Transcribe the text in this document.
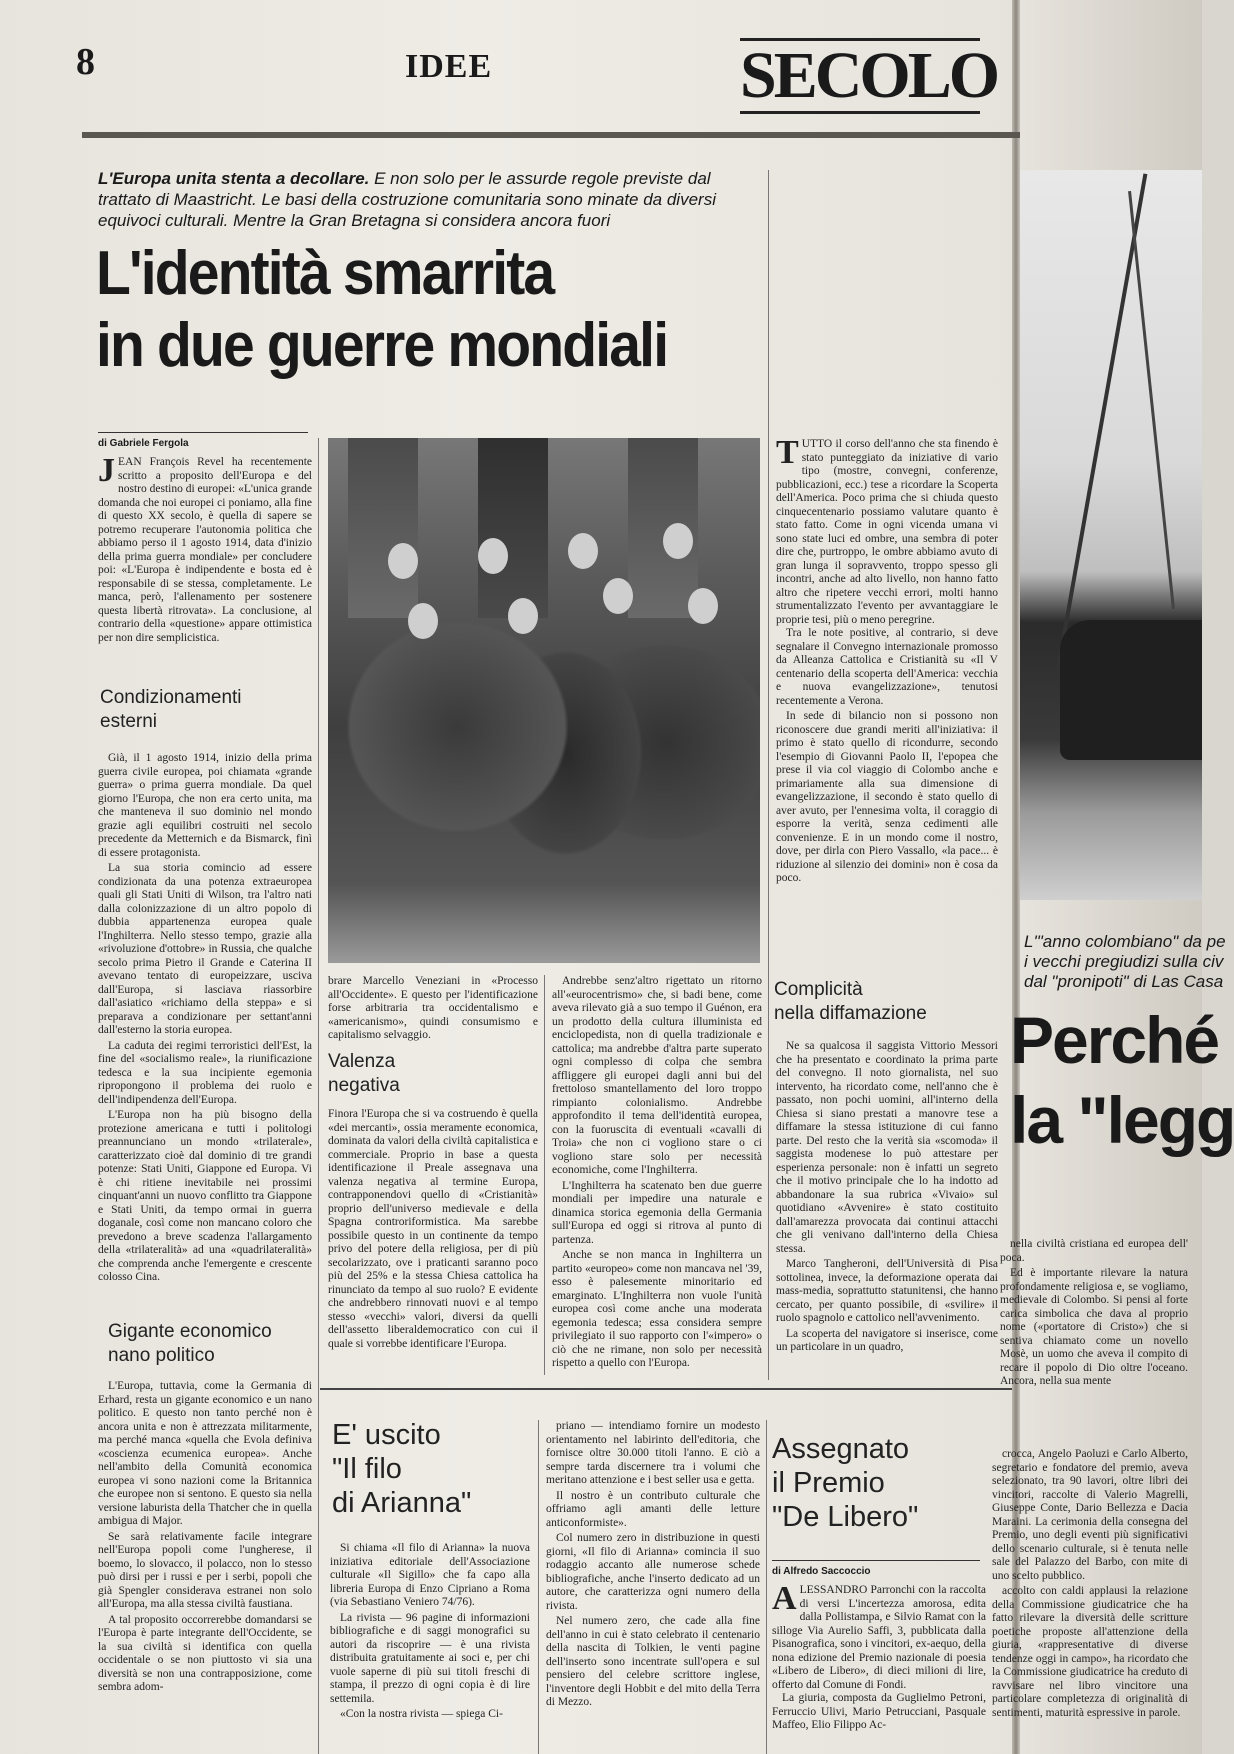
8	IDEE	SECOLO
L'Europa unita stenta a decollare. E non solo per le assurde regole previste dal trattato di Maastricht. Le basi della costruzione comunitaria sono minate da diversi equivoci culturali. Mentre la Gran Bretagna si considera ancora fuori
L'identità smarrita
in due guerre mondiali
di Gabriele Fergola
JEAN François Revel ha recentemente scritto a proposito dell'Europa e del nostro destino di europei: «L'unica grande domanda che noi europei ci poniamo, alla fine di questo XX secolo, è quella di sapere se potremo recuperare l'autonomia politica che abbiamo perso il 1 agosto 1914, data d'inizio della prima guerra mondiale» per concludere poi: «L'Europa è indipendente e bosta ed è responsabile di se stessa, completamente. Le manca, però, l'allenamento per sostenere questa libertà ritrovata». La conclusione, al contrario della «questione» appare ottimistica per non dire semplicistica.
Condizionamenti
esterni

Già, il 1 agosto 1914, inizio della prima guerra civile europea, poi chiamata «grande guerra» o prima guerra mondiale. Da quel giorno l'Europa, che non era certo unita, ma che manteneva il suo dominio nel mondo grazie agli equilibri costruiti nel secolo precedente da Metternich e da Bismarck, finì di essere protagonista.

La sua storia comincio ad essere condizionata da una potenza extraeuropea quali gli Stati Uniti di Wilson, tra l'altro nati dalla colonizzazione di un altro popolo di dubbia appartenenza europea quale l'Inghilterra. Nello stesso tempo, grazie alla «rivoluzione d'ottobre» in Russia, che qualche secolo prima Pietro il Grande e Caterina II avevano tentato di europeizzare, usciva dall'Europa, si lasciava riassorbire dall'asiatico «richiamo della steppa» e si preparava a condizionare per settant'anni dall'esterno la storia europea.

La caduta dei regimi terroristici dell'Est, la fine del «socialismo reale», la riunificazione tedesca e la sua incipiente egemonia ripropongono il problema dei ruolo e dell'indipendenza dell'Europa.

L'Europa non ha più bisogno della protezione americana e tutti i politologi preannunciano un mondo «trilaterale», caratterizzato cioè dal dominio di tre grandi potenze: Stati Uniti, Giappone ed Europa. Vi è chi ritiene inevitabile nei prossimi cinquant'anni un nuovo conflitto tra Giappone e Stati Uniti, da tempo ormai in guerra doganale, così come non mancano coloro che prevedono a breve scadenza l'allargamento della «trilateralità» ad una «quadrilateralità» che comprenda anche l'emergente e crescente colosso Cina.

Gigante economico
nano politico

L'Europa, tuttavia, come la Germania di Erhard, resta un gigante economico e un nano politico. E questo non tanto perché non è ancora unita e non è attrezzata militarmente, ma perché manca «quella che Evola definiva «coscienza ecumenica europea». Anche nell'ambito della Comunità economica europea vi sono nazioni come la Britannica che europee non si sentono. E questo sia nella versione laburista della Thatcher che in quella ambigua di Major.

Se sarà relativamente facile integrare nell'Europa popoli come l'ungherese, il boemo, lo slovacco, il polacco, non lo stesso può dirsi per i russi e per i serbi, popoli che già Spengler considerava estranei non solo all'Europa, ma alla stessa civiltà faustiana.

A tal proposito occorrerebbe domandarsi se l'Europa è parte integrante dell'Occidente, se la sua civiltà si identifica con quella occidentale o se non piuttosto vi sia una diversità se non una contrapposizione, come sembra adom-

brare Marcello Veneziani in «Processo all'Occidente». E questo per l'identificazione forse arbitraria tra occidentalismo e «americanismo», quindi consumismo e capitalismo selvaggio.
Valenza
negativa
Finora l'Europa che si va costruendo è quella «dei mercanti», ossia meramente economica, dominata da valori della civiltà capitalistica e commerciale. Proprio in base a questa identificazione il Preale assegnava una valenza negativa al termine Europa, contrapponendovi quello di «Cristianità» proprio dell'universo medievale e della Spagna controriformistica. Ma sarebbe possibile questo in un continente da tempo privo del potere della religiosa, per di più secolarizzato, ove i praticanti saranno poco più del 25% e la stessa Chiesa cattolica ha rinunciato da tempo al suo ruolo? E evidente che andrebbero rinnovati nuovi e al tempo stesso «vecchi» valori, diversi da quelli dell'assetto liberaldemocratico con cui il quale si vorrebbe identificare l'Europa.

Andrebbe senz'altro rigettato un ritorno all'«eurocentrismo» che, si badi bene, come aveva rilevato già a suo tempo il Guénon, era un prodotto della cultura illuminista ed enciclopedista, non di quella tradizionale e cattolica; ma andrebbe d'altra parte superato ogni complesso di colpa che sembra affliggere gli europei dagli anni bui del frettoloso smantellamento del loro troppo rimpianto colonialismo. Andrebbe approfondito il tema dell'identità europea, con la fuoruscita di eventuali «cavalli di Troia» che non ci vogliono stare o ci vogliono stare solo per necessità economiche, come l'Inghilterra.

L'Inghilterra ha scatenato ben due guerre mondiali per impedire una naturale e dinamica storica egemonia della Germania sull'Europa ed oggi si ritrova al punto di partenza.

Anche se non manca in Inghilterra un partito «europeo» come non mancava nel '39, esso è palesemente minoritario ed emarginato. L'Inghilterra non vuole l'unità europea così come anche una moderata egemonia tedesca; essa considera sempre privilegiato il suo rapporto con l'«impero» o ciò che ne rimane, non solo per necessità rispetto a quello con l'Europa.

TUTTO il corso dell'anno che sta finendo è stato punteggiato da iniziative di vario tipo (mostre, convegni, conferenze, pubblicazioni, ecc.) tese a ricordare la Scoperta dell'America. Poco prima che si chiuda questo cinquecentenario possiamo valutare quanto è stato fatto. Come in ogni vicenda umana vi sono state luci ed ombre, una sembra di poter dire che, purtroppo, le ombre abbiamo avuto di gran lunga il sopravvento, troppo spesso gli incontri, anche ad alto livello, non hanno fatto altro che ripetere vecchi errori, molti hanno strumentalizzato l'evento per avvantaggiare le proprie tesi, più o meno peregrine.

Tra le note positive, al contrario, si deve segnalare il Convegno internazionale promosso da Alleanza Cattolica e Cristianità su «Il V centenario della scoperta dell'America: vecchia e nuova evangelizzazione», tenutosi recentemente a Verona.

In sede di bilancio non si possono non riconoscere due grandi meriti all'iniziativa: il primo è stato quello di ricondurre, secondo l'esempio di Giovanni Paolo II, l'epopea che prese il via col viaggio di Colombo anche e primariamente alla sua dimensione di evangelizzazione, il secondo è stato quello di aver avuto, per l'ennesima volta, il coraggio di esporre la verità, senza cedimenti alle convenienze. E in un mondo come il nostro, dove, per dirla con Piero Vassallo, «la pace... è riduzione al silenzio dei domini» non è cosa da poco.

Complicità
nella diffamazione

Ne sa qualcosa il saggista Vittorio Messori che ha presentato e coordinato la prima parte del convegno. Il noto giornalista, nel suo intervento, ha ricordato come, nell'anno che è passato, non pochi uomini, all'interno della Chiesa si siano prestati a manovre tese a diffamare la stessa istituzione di cui fanno parte. Del resto che la verità sia «scomoda» il saggista modenese lo può attestare per esperienza personale: non è infatti un segreto che il motivo principale che lo ha indotto ad abbandonare la sua rubrica «Vivaio» sul quotidiano «Avvenire» è stato costituito dall'amarezza provocata dai continui attacchi che gli venivano dall'interno della Chiesa stessa.

Marco Tangheroni, dell'Università di Pisa sottolinea, invece, la deformazione operata dai mass-media, soprattutto statunitensi, che hanno cercato, per quanto possibile, di «svilire» il ruolo spagnolo e cattolico nell'avvenimento.

La scoperta del navigatore si inserisce, come un particolare in un quadro,

L'"anno colombiano" da pe
i vecchi pregiudizi sulla civ
dal "pronipoti" di Las Casa
Perché
la "legg

nella civiltà cristiana ed europea dell' poca.

Ed è importante rilevare la natura profondamente religiosa e, se vogliamo, medievale di Colombo. Si pensi al forte carica simbolica che dava al proprio nome («portatore di Cristo») che si sentiva chiamato come un novello Mosè, un uomo che aveva il compito di recare il popolo di Dio oltre l'oceano. Ancora, nella sua mente

crocca, Angelo Paoluzi e Carlo Alberto, segretario e fondatore del premio, aveva selezionato, tra 90 lavori, oltre libri dei vincitori, raccolte di Valerio Magrelli, Giuseppe Conte, Dario Bellezza e Dacia Maraini. La cerimonia della consegna del Premio, uno degli eventi più significativi dello scenario culturale, si è tenuta nelle sale del Palazzo del Barbo, con mite di uno scelto pubblico.

accolto con caldi applausi la relazione della Commissione giudicatrice che ha fatto rilevare la diversità delle scritture poetiche proposte all'attenzione della giuria, «rappresentative di diverse tendenze oggi in campo», ha ricordato che la Commissione giudicatrice ha creduto di ravvisare nel libro vincitore una particolare completezza di originalità di sentimenti, maturità espressive in parole.

E' uscito
"Il filo
di Arianna"

Si chiama «Il filo di Arianna» la nuova iniziativa editoriale dell'Associazione culturale «Il Sigillo» che fa capo alla libreria Europa di Enzo Cipriano a Roma (via Sebastiano Veniero 74/76).

La rivista — 96 pagine di informazioni bibliografiche e di saggi monografici su autori da riscoprire — è una rivista distribuita gratuitamente ai soci e, per chi vuole saperne di più sui titoli freschi di stampa, il prezzo di ogni copia è di lire settemila.

«Con la nostra rivista — spiega Ci-

priano — intendiamo fornire un modesto orientamento nel labirinto dell'editoria, che fornisce oltre 30.000 titoli l'anno. E ciò a sempre tarda discernere tra i volumi che meritano attenzione e i best seller usa e getta.

Il nostro è un contributo culturale che offriamo agli amanti delle letture anticonformiste».

Col numero zero in distribuzione in questi giorni, «Il filo di Arianna» comincia il suo rodaggio accanto alle numerose schede bibliografiche, anche l'inserto dedicato ad un autore, che caratterizza ogni numero della rivista.

Nel numero zero, che cade alla fine dell'anno in cui è stato celebrato il centenario della nascita di Tolkien, le venti pagine dell'inserto sono incentrate sull'opera e sul pensiero del celebre scrittore inglese, l'inventore degli Hobbit e del mito della Terra di Mezzo.

Assegnato
il Premio
"De Libero"
di Alfredo Saccoccio
ALESSANDRO Parronchi con la raccolta di versi L'incertezza amorosa, edita dalla Pollistampa, e Silvio Ramat con la silloge Via Aurelio Saffi, 3, pubblicata dalla Pisanografica, sono i vincitori, ex-aequo, della nona edizione del Premio nazionale di poesia «Libero de Libero», di dieci milioni di lire, offerto dal Comune di Fondi.

La giuria, composta da Guglielmo Petroni, Ferruccio Ulivi, Mario Petrucciani, Pasquale Maffeo, Elio Filippo Ac-
